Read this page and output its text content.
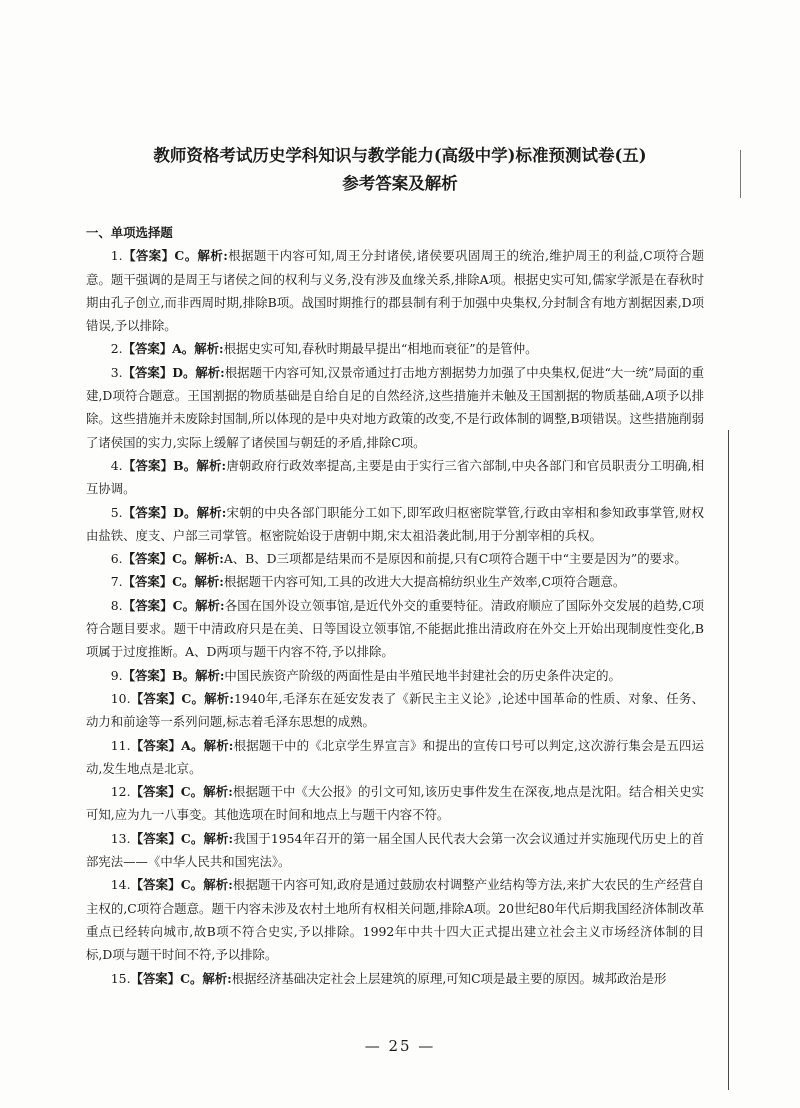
教师资格考试历史学科知识与教学能力(高级中学)标准预测试卷(五)
参考答案及解析
一、单项选择题

1.【答案】C。解析:根据题干内容可知,周王分封诸侯,诸侯要巩固周王的统治,维护周王的利益,C项符合题意。题干强调的是周王与诸侯之间的权利与义务,没有涉及血缘关系,排除A项。根据史实可知,儒家学派是在春秋时期由孔子创立,而非西周时期,排除B项。战国时期推行的郡县制有利于加强中央集权,分封制含有地方割据因素,D项错误,予以排除。

2.【答案】A。解析:根据史实可知,春秋时期最早提出“相地而衰征”的是管仲。

3.【答案】D。解析:根据题干内容可知,汉景帝通过打击地方割据势力加强了中央集权,促进“大一统”局面的重建,D项符合题意。王国割据的物质基础是自给自足的自然经济,这些措施并未触及王国割据的物质基础,A项予以排除。这些措施并未废除封国制,所以体现的是中央对地方政策的改变,不是行政体制的调整,B项错误。这些措施削弱了诸侯国的实力,实际上缓解了诸侯国与朝廷的矛盾,排除C项。

4.【答案】B。解析:唐朝政府行政效率提高,主要是由于实行三省六部制,中央各部门和官员职责分工明确,相互协调。

5.【答案】D。解析:宋朝的中央各部门职能分工如下,即军政归枢密院掌管,行政由宰相和参知政事掌管,财权由盐铁、度支、户部三司掌管。枢密院始设于唐朝中期,宋太祖沿袭此制,用于分割宰相的兵权。

6.【答案】C。解析:A、B、D三项都是结果而不是原因和前提,只有C项符合题干中“主要是因为”的要求。

7.【答案】C。解析:根据题干内容可知,工具的改进大大提高棉纺织业生产效率,C项符合题意。

8.【答案】C。解析:各国在国外设立领事馆,是近代外交的重要特征。清政府顺应了国际外交发展的趋势,C项符合题目要求。题干中清政府只是在美、日等国设立领事馆,不能据此推出清政府在外交上开始出现制度性变化,B项属于过度推断。A、D两项与题干内容不符,予以排除。

9.【答案】B。解析:中国民族资产阶级的两面性是由半殖民地半封建社会的历史条件决定的。

10.【答案】C。解析:1940年,毛泽东在延安发表了《新民主主义论》,论述中国革命的性质、对象、任务、动力和前途等一系列问题,标志着毛泽东思想的成熟。

11.【答案】A。解析:根据题干中的《北京学生界宣言》和提出的宣传口号可以判定,这次游行集会是五四运动,发生地点是北京。

12.【答案】C。解析:根据题干中《大公报》的引文可知,该历史事件发生在深夜,地点是沈阳。结合相关史实可知,应为九一八事变。其他选项在时间和地点上与题干内容不符。

13.【答案】C。解析:我国于1954年召开的第一届全国人民代表大会第一次会议通过并实施现代历史上的首部宪法——《中华人民共和国宪法》。

14.【答案】C。解析:根据题干内容可知,政府是通过鼓励农村调整产业结构等方法,来扩大农民的生产经营自主权的,C项符合题意。题干内容未涉及农村土地所有权相关问题,排除A项。20世纪80年代后期我国经济体制改革重点已经转向城市,故B项不符合史实,予以排除。1992年中共十四大正式提出建立社会主义市场经济体制的目标,D项与题干时间不符,予以排除。

15.【答案】C。解析:根据经济基础决定社会上层建筑的原理,可知C项是最主要的原因。城邦政治是形

— 25 —
